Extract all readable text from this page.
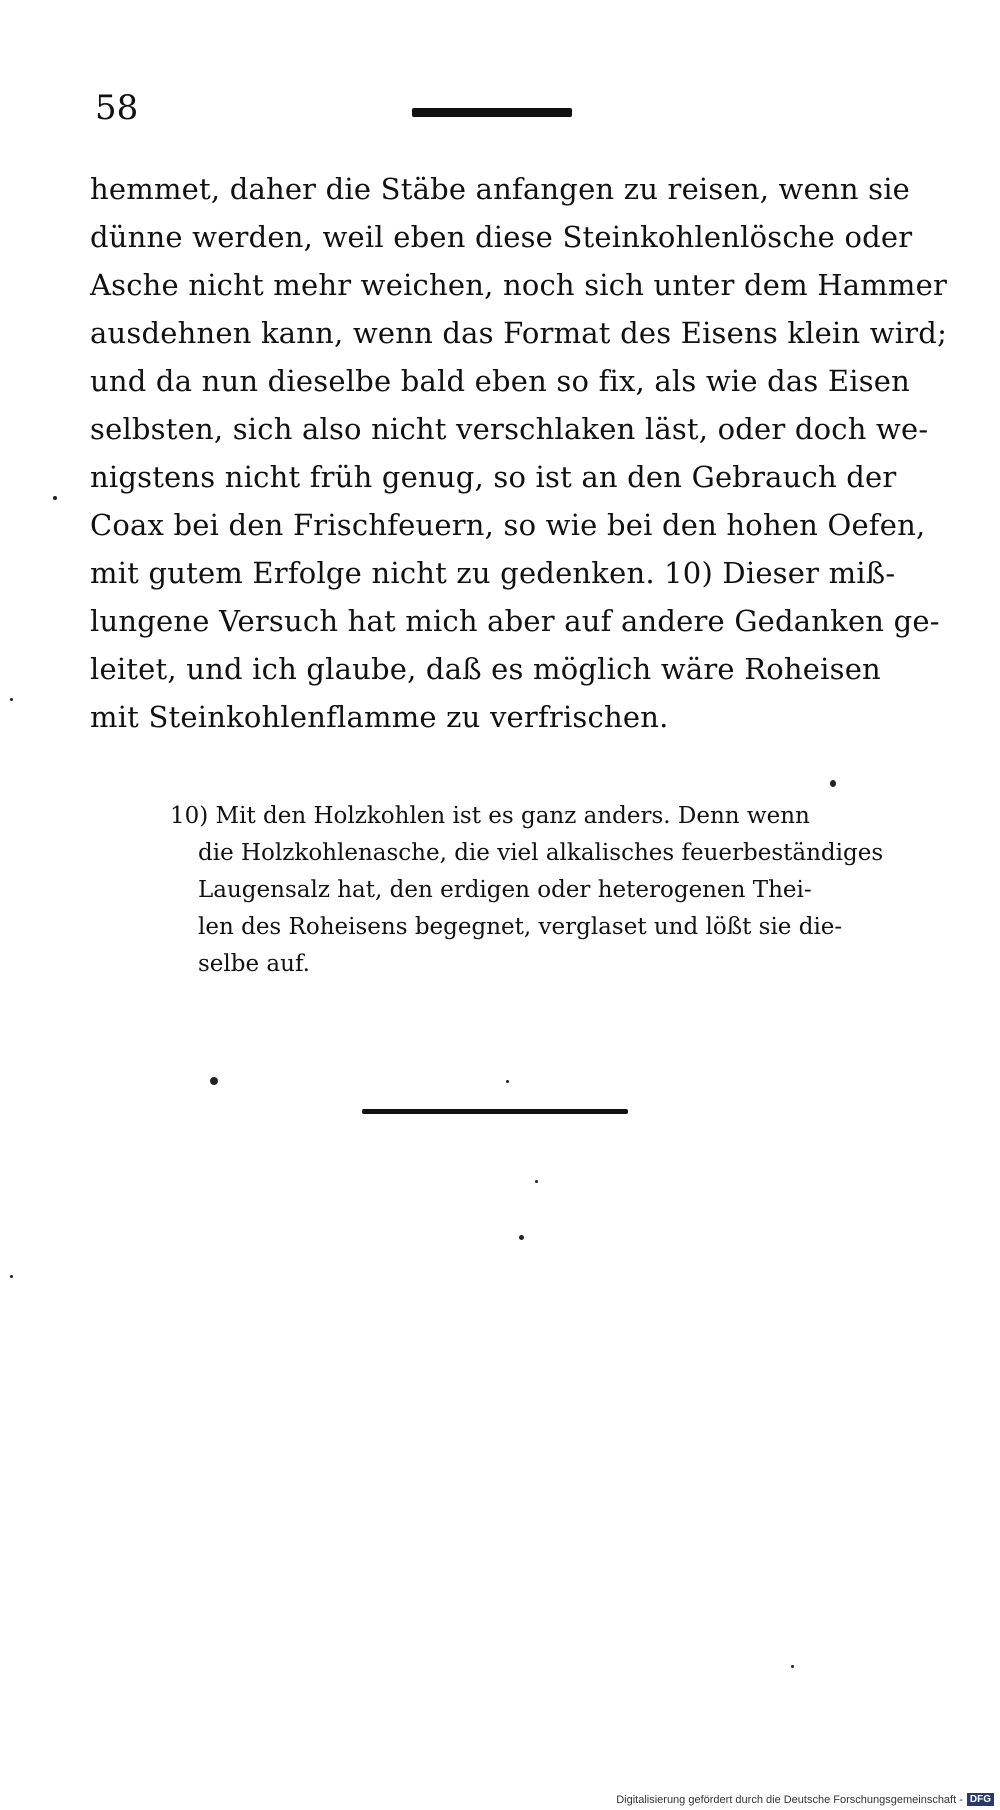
58
hemmet, daher die Stäbe anfangen zu reisen, wenn sie
dünne werden, weil eben diese Steinkohlenlösche oder
Asche nicht mehr weichen, noch sich unter dem Hammer
ausdehnen kann, wenn das Format des Eisens klein wird;
und da nun dieselbe bald eben so fix, als wie das Eisen
selbsten, sich also nicht verschlaken läst, oder doch we-
nigstens nicht früh genug, so ist an den Gebrauch der
Coax bei den Frischfeuern, so wie bei den hohen Oefen,
mit gutem Erfolge nicht zu gedenken. 10) Dieser miß-
lungene Versuch hat mich aber auf andere Gedanken ge-
leitet, und ich glaube, daß es möglich wäre Roheisen
mit Steinkohlenflamme zu verfrischen.
10) Mit den Holzkohlen ist es ganz anders. Denn wenn
die Holzkohlenasche, die viel alkalisches feuerbeständiges
Laugensalz hat, den erdigen oder heterogenen Thei-
len des Roheisens begegnet, verglaset und lößt sie die-
selbe auf.
Digitalisierung gefördert durch die Deutsche Forschungsgemeinschaft - DFG
